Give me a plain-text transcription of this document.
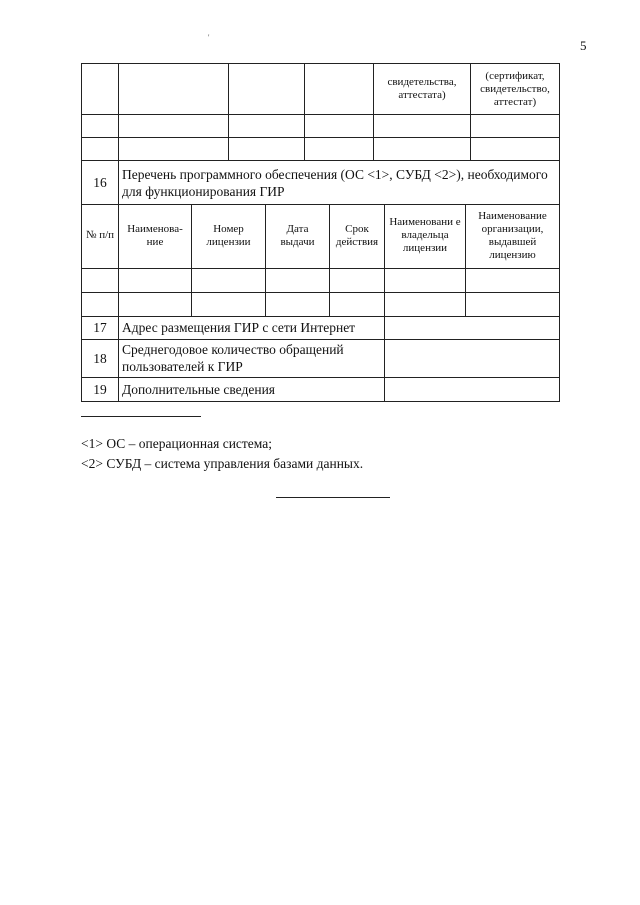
5
'
				свидетельства, аттестата)	(сертификат, свидетельство, аттестат)

16	Перечень программного обеспечения (ОС <1>, СУБД <2>), необходимого для функционирования ГИР				
№ п/п	Наименова-ние	Номер лицензии	Дата выдачи	Срок действия	Наименовани е владельца лицензии	Наименование организации, выдавшей лицензию

17	Адрес размещения ГИР с сети Интернет					
18	Среднегодовое количество обращений пользователей к ГИР					
19	Дополнительные сведения					
<1> ОС – операционная система;
<2> СУБД – система управления базами данных.
